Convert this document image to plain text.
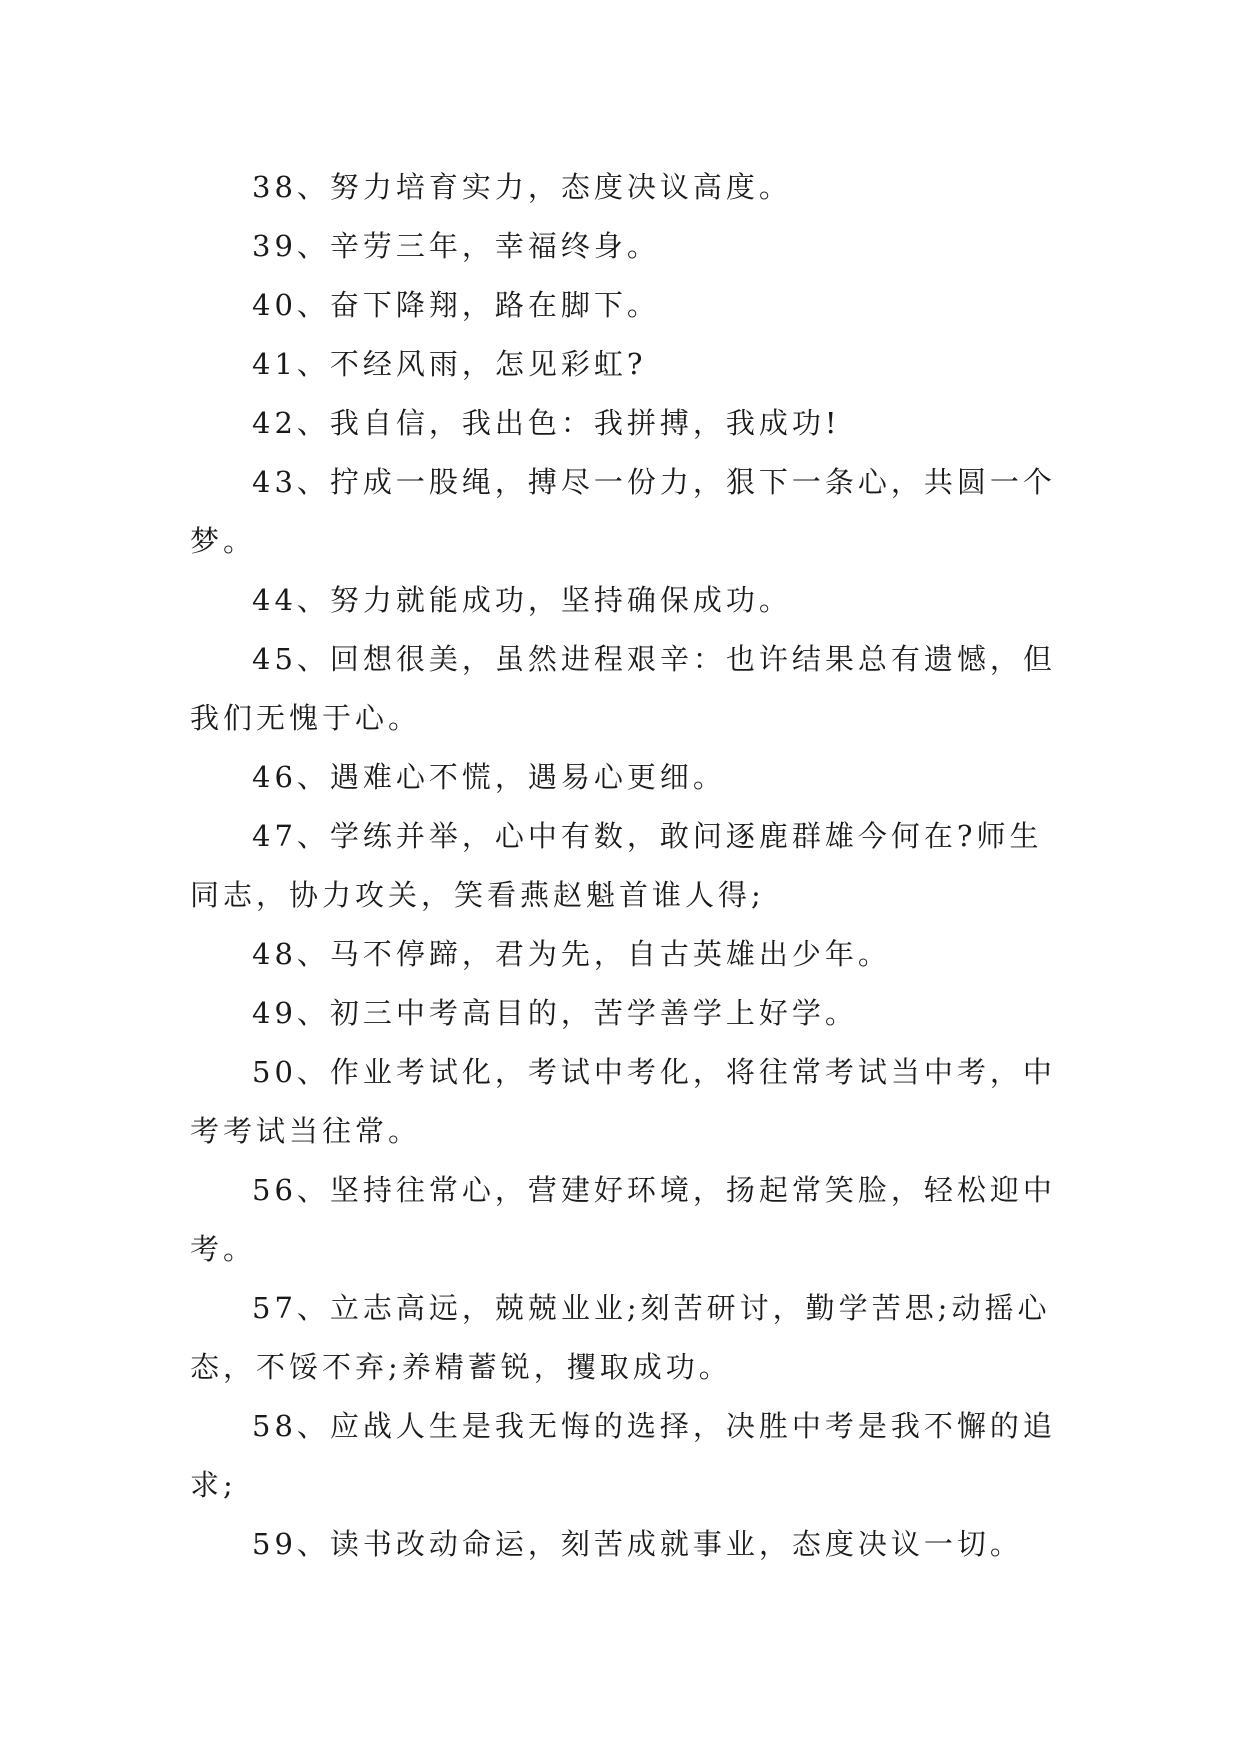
38、努力培育实力，态度决议高度。

39、辛劳三年，幸福终身。

40、奋下降翔，路在脚下。

41、不经风雨，怎见彩虹?

42、我自信，我出色：我拼搏，我成功!

43、拧成一股绳，搏尽一份力，狠下一条心，共圆一个

梦。

44、努力就能成功，坚持确保成功。

45、回想很美，虽然进程艰辛：也许结果总有遗憾，但

我们无愧于心。

46、遇难心不慌，遇易心更细。

47、学练并举，心中有数，敢问逐鹿群雄今何在?师生

同志，协力攻关，笑看燕赵魁首谁人得;

48、马不停蹄，君为先，自古英雄出少年。

49、初三中考高目的，苦学善学上好学。

50、作业考试化，考试中考化，将往常考试当中考，中

考考试当往常。

56、坚持往常心，营建好环境，扬起常笑脸，轻松迎中

考。

57、立志高远，兢兢业业;刻苦研讨，勤学苦思;动摇心

态，不馁不弃;养精蓄锐，攫取成功。

58、应战人生是我无悔的选择，决胜中考是我不懈的追

求;

59、读书改动命运，刻苦成就事业，态度决议一切。
